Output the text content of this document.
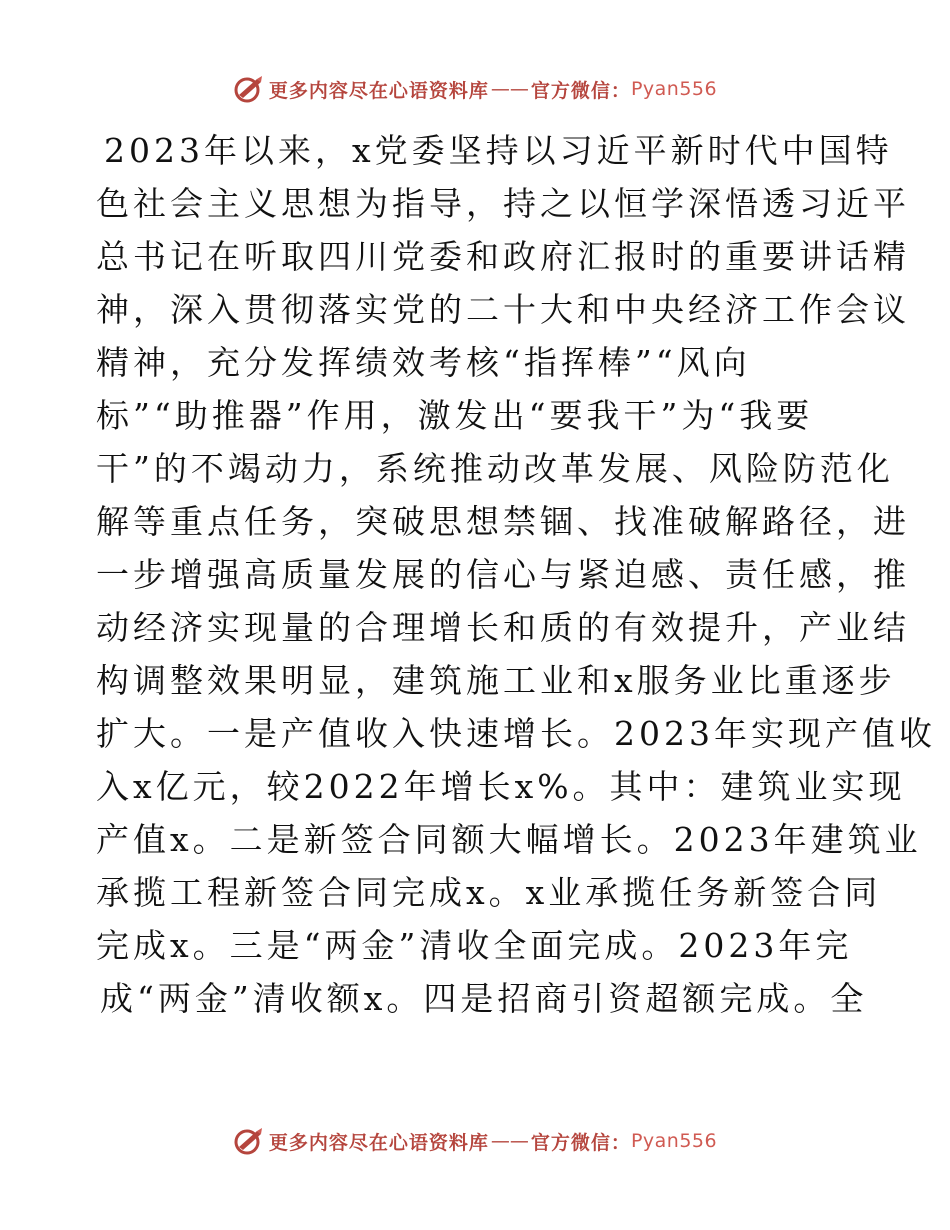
更多内容尽在心语资料库 —— 官方微信： Pyan556
2023年以来，x党委坚持以习近平新时代中国特
色社会主义思想为指导，持之以恒学深悟透习近平
总书记在听取四川党委和政府汇报时的重要讲话精
神，深入贯彻落实党的二十大和中央经济工作会议
精神，充分发挥绩效考核“指挥棒”“风向
标”“助推器”作用，激发出“要我干”为“我要
干”的不竭动力，系统推动改革发展、风险防范化
解等重点任务，突破思想禁锢、找准破解路径，进
一步增强高质量发展的信心与紧迫感、责任感，推
动经济实现量的合理增长和质的有效提升，产业结
构调整效果明显，建筑施工业和x服务业比重逐步
扩大。一是产值收入快速增长。2023年实现产值收
入x亿元，较2022年增长x%。其中：建筑业实现
产值x。二是新签合同额大幅增长。2023年建筑业
承揽工程新签合同完成x。x业承揽任务新签合同
完成x。三是“两金”清收全面完成。2023年完
成“两金”清收额x。四是招商引资超额完成。全
更多内容尽在心语资料库 —— 官方微信： Pyan556
